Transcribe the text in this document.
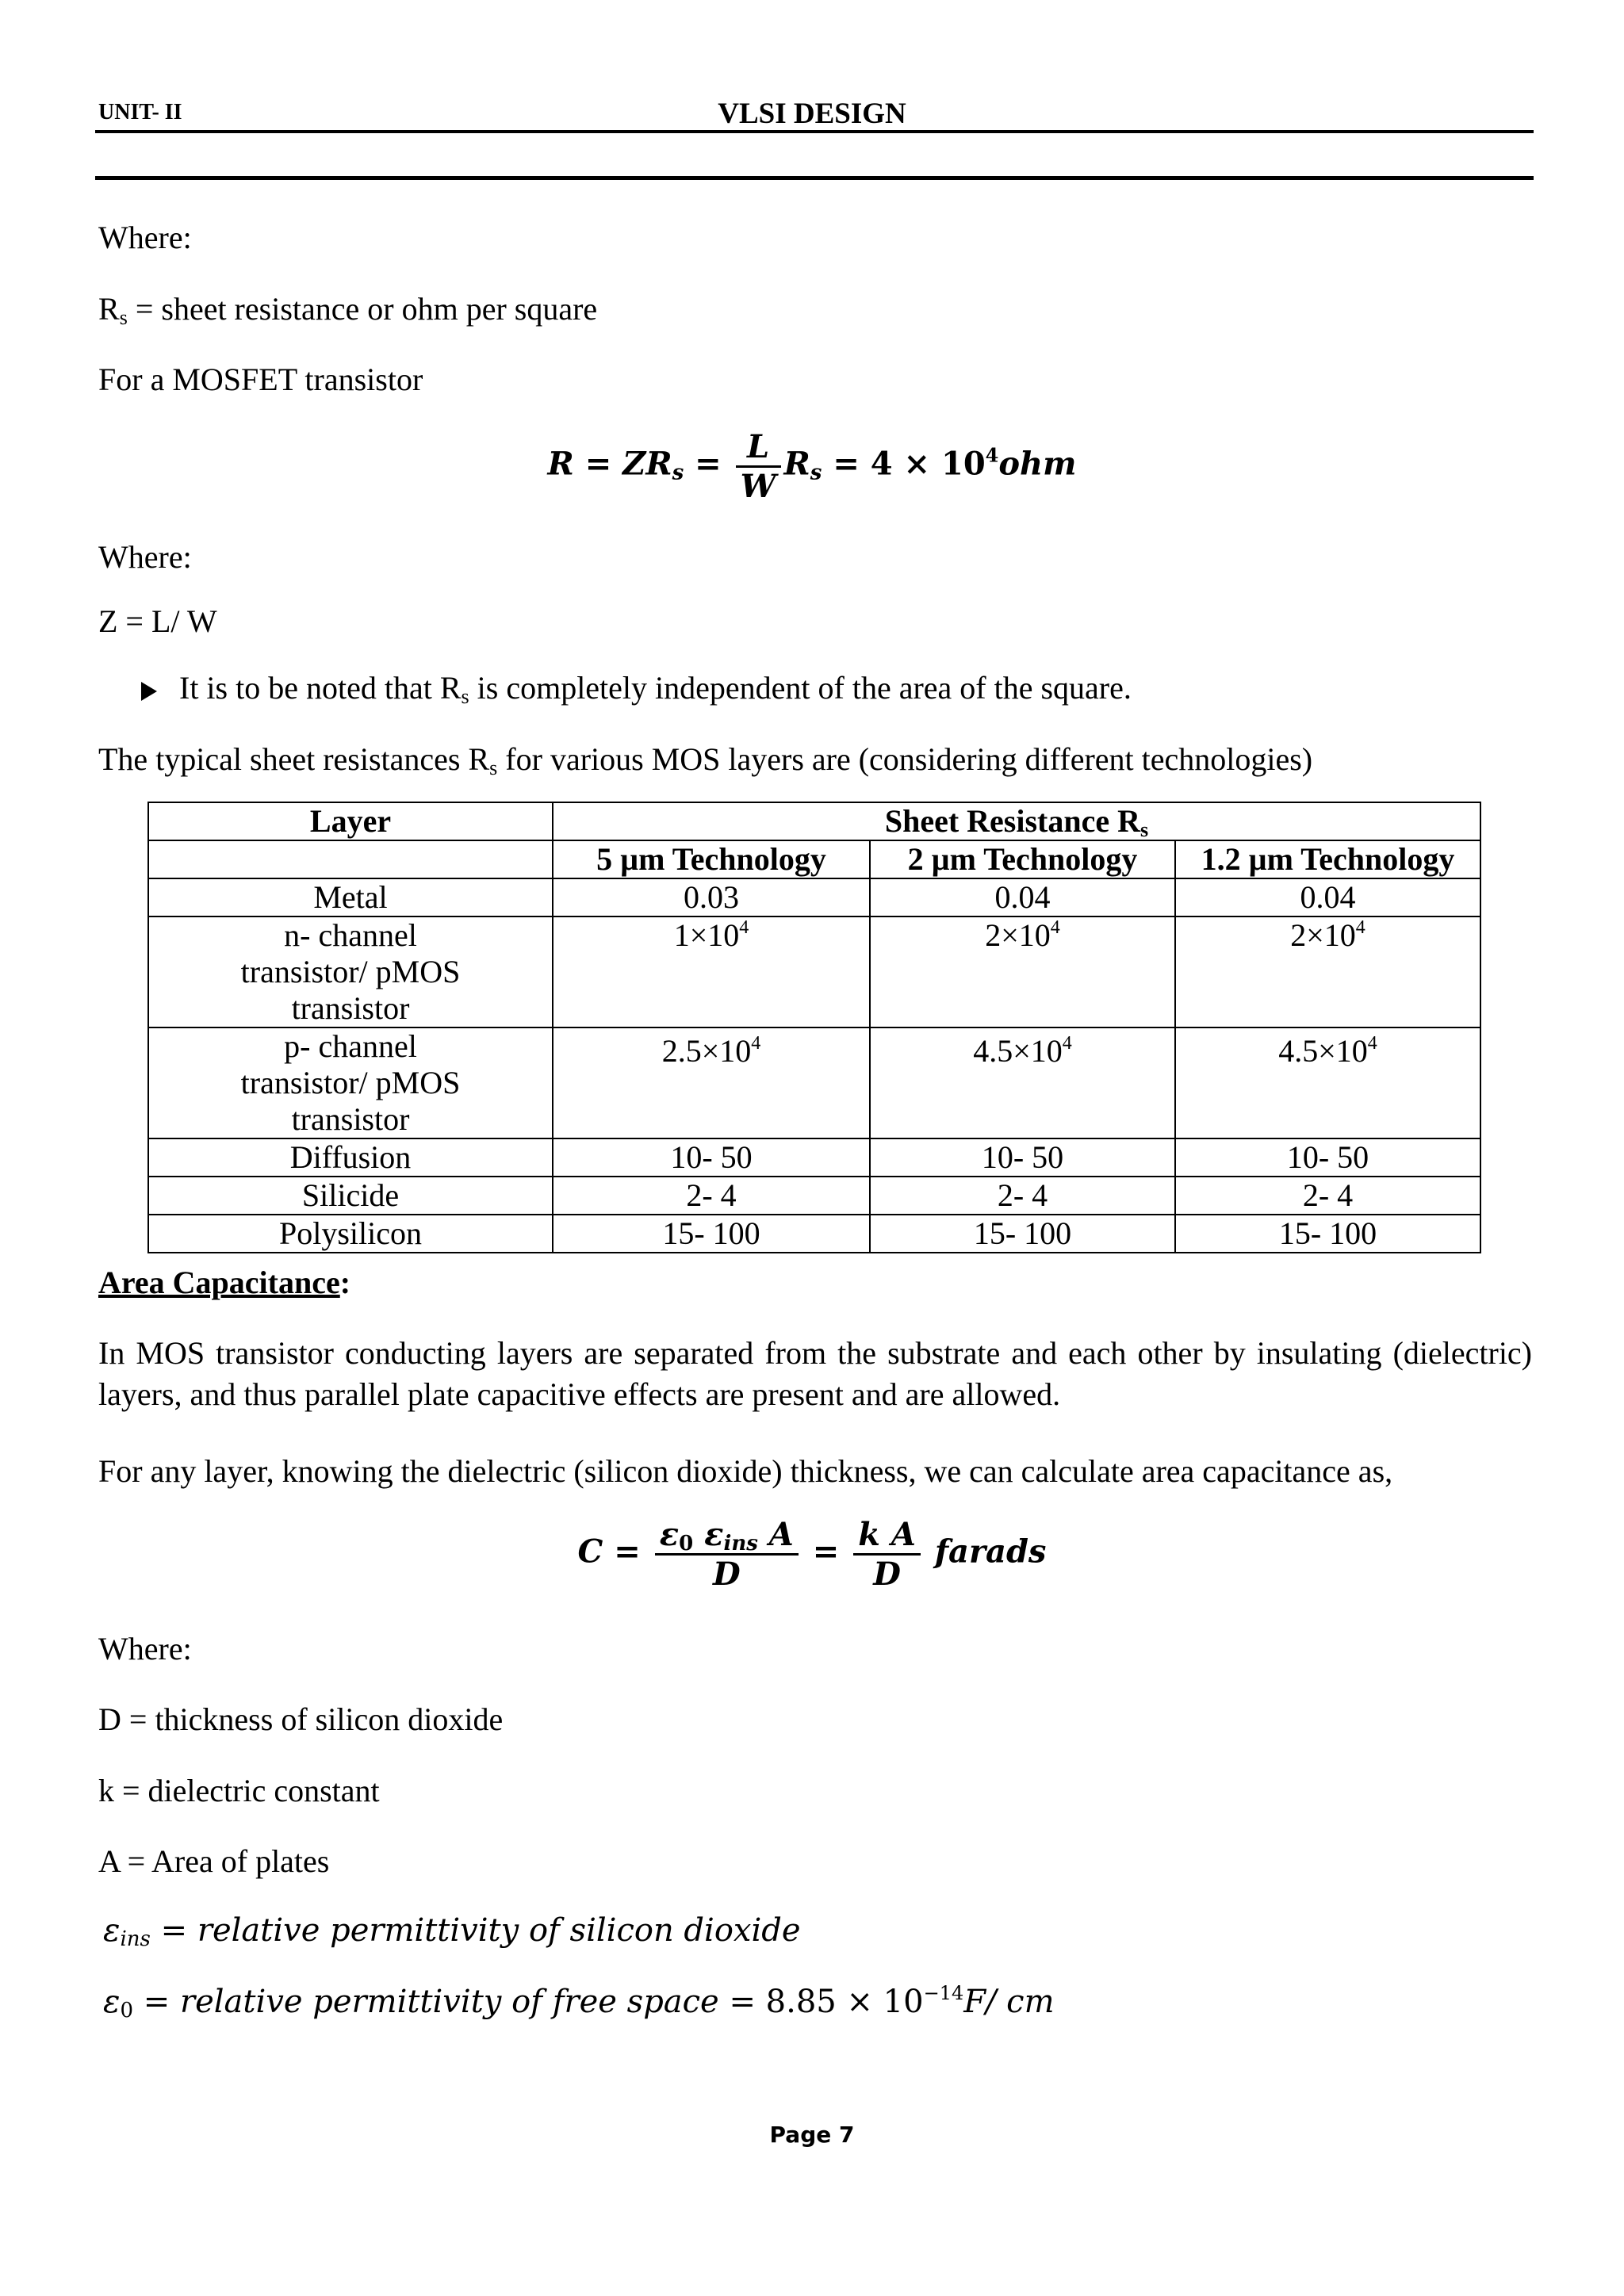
UNIT- II	VLSI DESIGN
Where:
$R_s$ = sheet resistance or ohm per square
For a MOSFET transistor
$R = ZR_s = \frac{L}{W} R_s = 4 \times 10^4ohm$
Where:
Z = L/ W
It is to be noted that $R_s$ is completely independent of the area of the square.
The typical sheet resistances $R_s$ for various MOS layers are (considering different technologies)
Layer	Sheet Resistance $R_s$
	5 µm Technology	2 µm Technology	1.2 µm Technology
Metal	0.03	0.04	0.04
n- channel transistor/ pMOS transistor	$1\times 10^4$	$2\times 10^4$	$2\times 10^4$
p- channel transistor/ pMOS transistor	$2.5\times 10^4$	$4.5\times 10^4$	$4.5\times 10^4$
Diffusion	10- 50	10- 50	10- 50
Silicide	2- 4	2- 4	2- 4
Polysilicon	15- 100	15- 100	15- 100
Area Capacitance:
In MOS transistor conducting layers are separated from the substrate and each other by insulating (dielectric) layers, and thus parallel plate capacitive effects are present and are allowed.
For any layer, knowing the dielectric (silicon dioxide) thickness, we can calculate area capacitance as,
$C = \frac{\varepsilon_0 \varepsilon_{ins} A}{D} = \frac{\text{k A}}{D}$ farads
Where:
D = thickness of silicon dioxide
k = dielectric constant
A = Area of plates
$\varepsilon_{ins}$ = relative permittivity of silicon dioxide
$\varepsilon_0$ = relative permittivity of free space = $8.85 \times 10^{-14}F/$ cm
Page 7
